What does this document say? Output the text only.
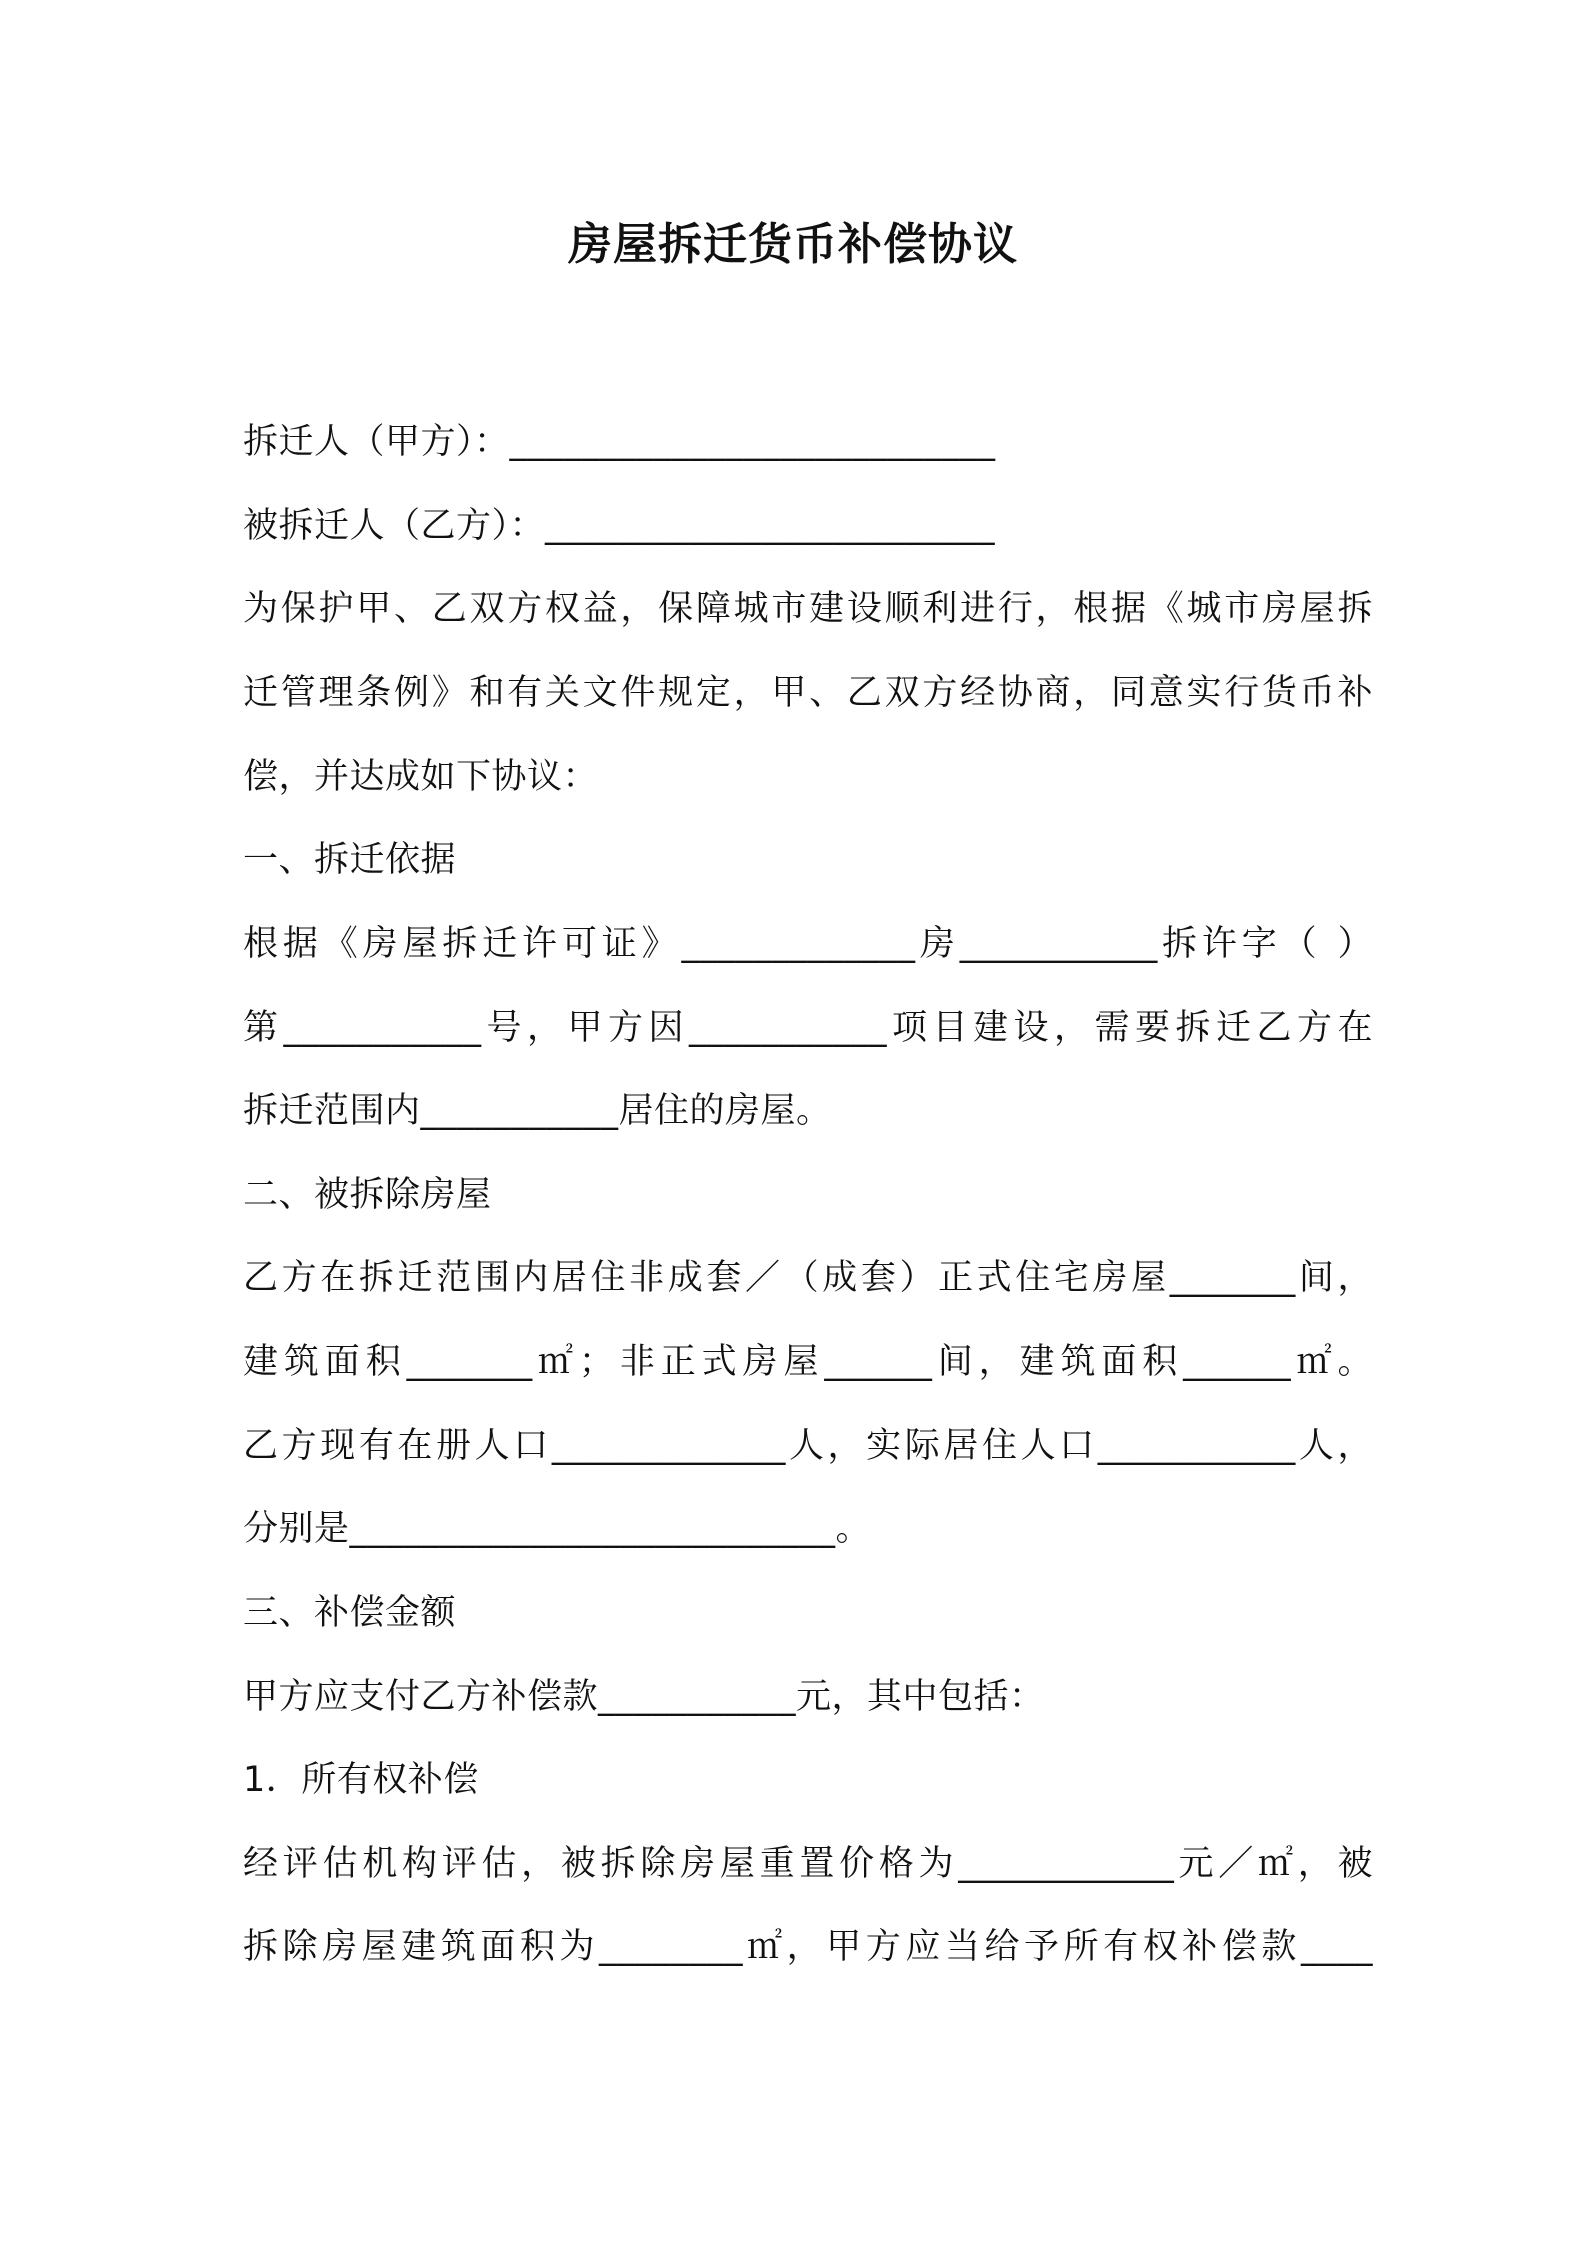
房屋拆迁货币补偿协议
拆迁人（甲方）：___________________________
被拆迁人（乙方）：_________________________
为保护甲、乙双方权益，保障城市建设顺利进行，根据《城市房屋拆
迁管理条例》和有关文件规定，甲、乙双方经协商，同意实行货币补
偿，并达成如下协议：
一、拆迁依据
根据《房屋拆迁许可证》_____________房___________拆许字（ ）
第___________号，甲方因___________项目建设，需要拆迁乙方在
拆迁范围内___________居住的房屋。
二、被拆除房屋
乙方在拆迁范围内居住非成套／（成套）正式住宅房屋_______间，
建筑面积_______㎡；非正式房屋______间，建筑面积______㎡。
乙方现有在册人口_____________人，实际居住人口___________人，
分别是___________________________。
三、补偿金额
甲方应支付乙方补偿款___________元，其中包括：
1．所有权补偿
经评估机构评估，被拆除房屋重置价格为____________元／㎡，被
拆除房屋建筑面积为________㎡，甲方应当给予所有权补偿款____
